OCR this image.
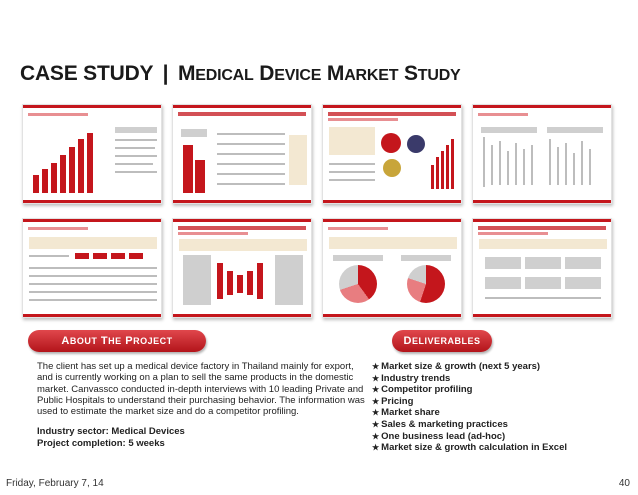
CASE STUDY | MEDICAL DEVICE MARKET STUDY
ABOUT THE PROJECT	DELIVERABLES

The client has set up a medical device factory in Thailand mainly for export, and is currently working on a plan to sell the same products in the domestic market. Canvassco conducted in-depth interviews with 10 leading Private and Public Hospitals to understand their purchasing behavior. The information was used to estimate the market size and do a competitor profiling.

Industry sector: Medical Devices
Project completion: 5 weeks
★ Market size & growth (next 5 years)
★ Industry trends
★ Competitor profiling
★ Pricing
★ Market share
★ Sales & marketing practices
★ One business lead (ad-hoc)
★ Market size & growth calculation in Excel
Friday, February 7, 14	40
